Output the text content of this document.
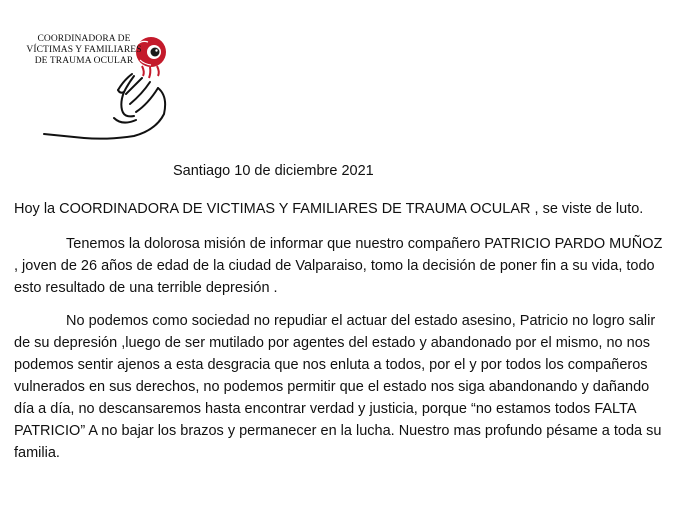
COORDINADORA DE
VÍCTIMAS Y FAMILIARES
DE TRAUMA OCULAR
Santiago 10 de diciembre 2021

Hoy la COORDINADORA DE VICTIMAS Y FAMILIARES DE TRAUMA OCULAR , se viste de luto.

Tenemos la dolorosa misión de informar que nuestro compañero PATRICIO PARDO MUÑOZ , joven de 26 años de edad de la ciudad de Valparaiso, tomo la decisión de poner fin a su vida, todo esto resultado de una terrible depresión .

No podemos como sociedad no repudiar el actuar del estado asesino, Patricio no logro salir de su depresión ,luego de ser mutilado por agentes del estado y abandonado por el mismo, no nos podemos sentir ajenos a esta desgracia que nos enluta a todos, por el y por todos los compañeros vulnerados en sus derechos, no podemos permitir que el estado nos siga abandonando y dañando día a día, no descansaremos hasta encontrar verdad y justicia, porque “no estamos todos FALTA PATRICIO” A no bajar los brazos y permanecer en la lucha. Nuestro mas profundo pésame a toda su familia.
